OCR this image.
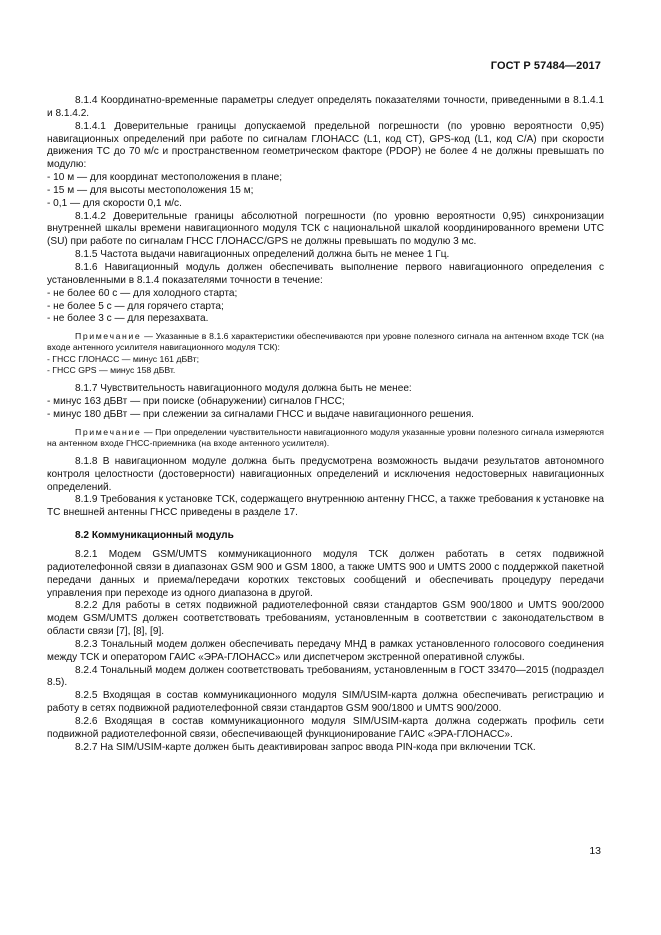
ГОСТ Р 57484—2017

8.1.4 Координатно-временные параметры следует определять показателями точности, приведенными в 8.1.4.1 и 8.1.4.2.

8.1.4.1 Доверительные границы допускаемой предельной погрешности (по уровню вероятности 0,95) навигационных определений при работе по сигналам ГЛОНАСС (L1, код СТ), GPS-код (L1, код С/А) при скорости движения ТС до 70 м/с и пространственном геометрическом факторе (PDOP) не более 4 не должны превышать по модулю:

- 10 м — для координат местоположения в плане;

- 15 м — для высоты местоположения 15 м;

- 0,1 — для скорости 0,1 м/с.

8.1.4.2 Доверительные границы абсолютной погрешности (по уровню вероятности 0,95) синхронизации внутренней шкалы времени навигационного модуля ТСК с национальной шкалой координированного времени UTC (SU) при работе по сигналам ГНСС ГЛОНАСС/GPS не должны превышать по модулю 3 мс.

8.1.5 Частота выдачи навигационных определений должна быть не менее 1 Гц.

8.1.6 Навигационный модуль должен обеспечивать выполнение первого навигационного определения с установленными в 8.1.4 показателями точности в течение:

- не более 60 с — для холодного старта;

- не более 5 с — для горячего старта;

- не более 3 с — для перезахвата.

Примечание — Указанные в 8.1.6 характеристики обеспечиваются при уровне полезного сигнала на антенном входе ТСК (на входе антенного усилителя навигационного модуля ТСК):

- ГНСС ГЛОНАСС — минус 161 дБВт;

- ГНСС GPS — минус 158 дБВт.

8.1.7 Чувствительность навигационного модуля должна быть не менее:

- минус 163 дБВт — при поиске (обнаружении) сигналов ГНСС;

- минус 180 дБВт — при слежении за сигналами ГНСС и выдаче навигационного решения.

Примечание — При определении чувствительности навигационного модуля указанные уровни полезного сигнала измеряются на антенном входе ГНСС-приемника (на входе антенного усилителя).

8.1.8 В навигационном модуле должна быть предусмотрена возможность выдачи результатов автономного контроля целостности (достоверности) навигационных определений и исключения недостоверных навигационных определений.

8.1.9 Требования к установке ТСК, содержащего внутреннюю антенну ГНСС, а также требования к установке на ТС внешней антенны ГНСС приведены в разделе 17.

8.2 Коммуникационный модуль

8.2.1 Модем GSM/UMTS коммуникационного модуля ТСК должен работать в сетях подвижной радиотелефонной связи в диапазонах GSM 900 и GSM 1800, а также UMTS 900 и UMTS 2000 с поддержкой пакетной передачи данных и приема/передачи коротких текстовых сообщений и обеспечивать процедуру передачи управления при переходе из одного диапазона в другой.

8.2.2 Для работы в сетях подвижной радиотелефонной связи стандартов GSM 900/1800 и UMTS 900/2000 модем GSM/UMTS должен соответствовать требованиям, установленным в соответствии с законодательством в области связи [7], [8], [9].

8.2.3 Тональный модем должен обеспечивать передачу МНД в рамках установленного голосового соединения между ТСК и оператором ГАИС «ЭРА-ГЛОНАСС» или диспетчером экстренной оперативной службы.

8.2.4 Тональный модем должен соответствовать требованиям, установленным в ГОСТ 33470—2015 (подраздел 8.5).

8.2.5 Входящая в состав коммуникационного модуля SIM/USIM-карта должна обеспечивать регистрацию и работу в сетях подвижной радиотелефонной связи стандартов GSM 900/1800 и UMTS 900/2000.

8.2.6 Входящая в состав коммуникационного модуля SIM/USIM-карта должна содержать профиль сети подвижной радиотелефонной связи, обеспечивающей функционирование ГАИС «ЭРА-ГЛОНАСС».

8.2.7 На SIM/USIM-карте должен быть деактивирован запрос ввода PIN-кода при включении ТСК.

13
